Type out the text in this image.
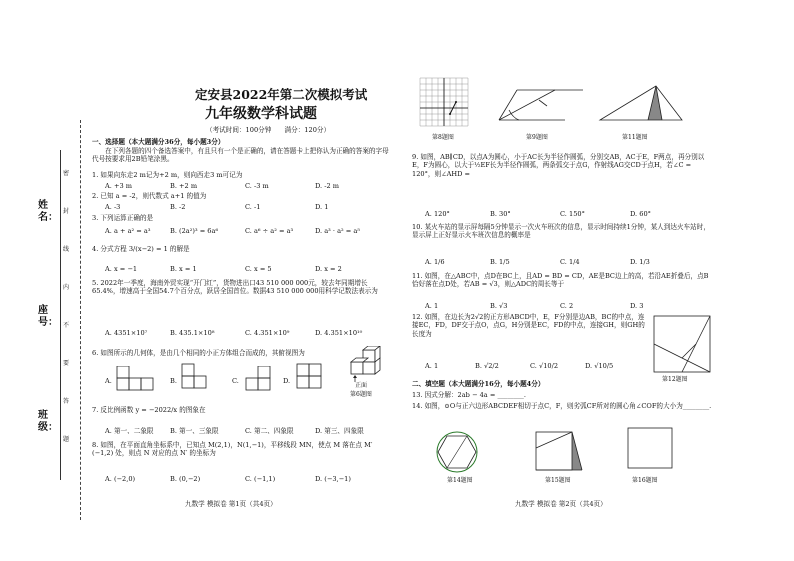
姓名：
座号：
班级：
密
封
线
内
不
要
答
题
定安县2022年第二次模拟考试
九年级数学科试题
（考试时间：100分钟　　满分：120分）
一、选择题（本大题满分36分，每小题3分）
　　在下列各题的四个备选答案中，有且只有一个是正确的，请在答题卡上把你认为正确的答案的字母代号按要求用2B铅笔涂黑。
1. 如果向东走2 m记为+2 m，则向西走3 m可记为
A. +3 m	B. +2 m	C. -3 m	D. -2 m
2. 已知 a = -2，则代数式 a+1 的值为
A. -3	B. -2	C. -1	D. 1
3. 下列运算正确的是
A. a + a² = a³	B. (2a²)³ = 6a⁶	C. a⁶ ÷ a² = a³	D. a³ · a² = a⁵
4. 分式方程 3/(x−2) = 1 的解是
A. x = −1	B. x = 1	C. x = 5	D. x = 2
5. 2022年一季度，海南外贸实现“开门红”，货物进出口43 510 000 000元，较去年同期增长65.4%，增速高于全国54.7个百分点，跃居全国首位。数据43 510 000 000用科学记数法表示为
A. 4351×10⁷	B. 435.1×10⁸	C. 4.351×10⁹	D. 4.351×10¹⁰
6. 如图所示的几何体，是由几个相同的小正方体组合而成的，其俯视图为
A.	B.	C.	D.
正面
第6题图
7. 反比例函数 y = −2022/x 的图象在
A. 第一、二象限 B. 第一、三象限	C. 第二、四象限	D. 第三、四象限
8. 如图，在平面直角坐标系中，已知点 M(2,1)，N(1,−1)，平移线段 MN，使点 M 落在点 M′(−1,2) 处，则点 N 对应的点 N′ 的坐标为
A. (−2,0)	B. (0,−2)	C. (−1,1)	D. (−3,−1)
九数学 模拟卷 第1页（共4页）
第8题图	第9题图	第11题图
9. 如图，AB∥CD，以点A为圆心，小于AC长为半径作圆弧，分别交AB，AC于E，F两点，再分别以E，F为圆心，以大于½EF长为半径作圆弧，两条弧交于点G，作射线AG交CD于点H，若∠C = 120°，则∠AHD =
A. 120°	B. 30°	C. 150°	D. 60°
10. 某火车站的显示屏每隔5分钟显示一次火车班次的信息，显示时间持续1分钟，某人到达火车站时，显示屏上正好显示火车班次信息的概率是
A. 1/6	B. 1/5	C. 1/4	D. 1/3
11. 如图，在△ABC中，点D在BC上，且AD = BD = CD，AE是BC边上的高，若沿AE折叠后，点B恰好落在点D处，若AB = √3，则△ADC的周长等于
A. 1	B. √3	C. 2	D. 3
12. 如图，在边长为2√2的正方形ABCD中，E，F分别是边AB，BC的中点，连接EC，FD，DF交于点O，点G，H分别是EC，FD的中点，连接GH，则GH的长度为
A. 1	B. √2/2	C. √10/2	D. √10/5
第12题图
二、填空题（本大题满分16分，每小题4分）
13. 因式分解：2ab − 4a = ________.
14. 如图，⊙O与正六边形ABCDEF相切于点C，F，则劣弧CF所对的圆心角∠COF的大小为________.
第14题图	第15题图	第16题图
九数学 模拟卷 第2页（共4页）
